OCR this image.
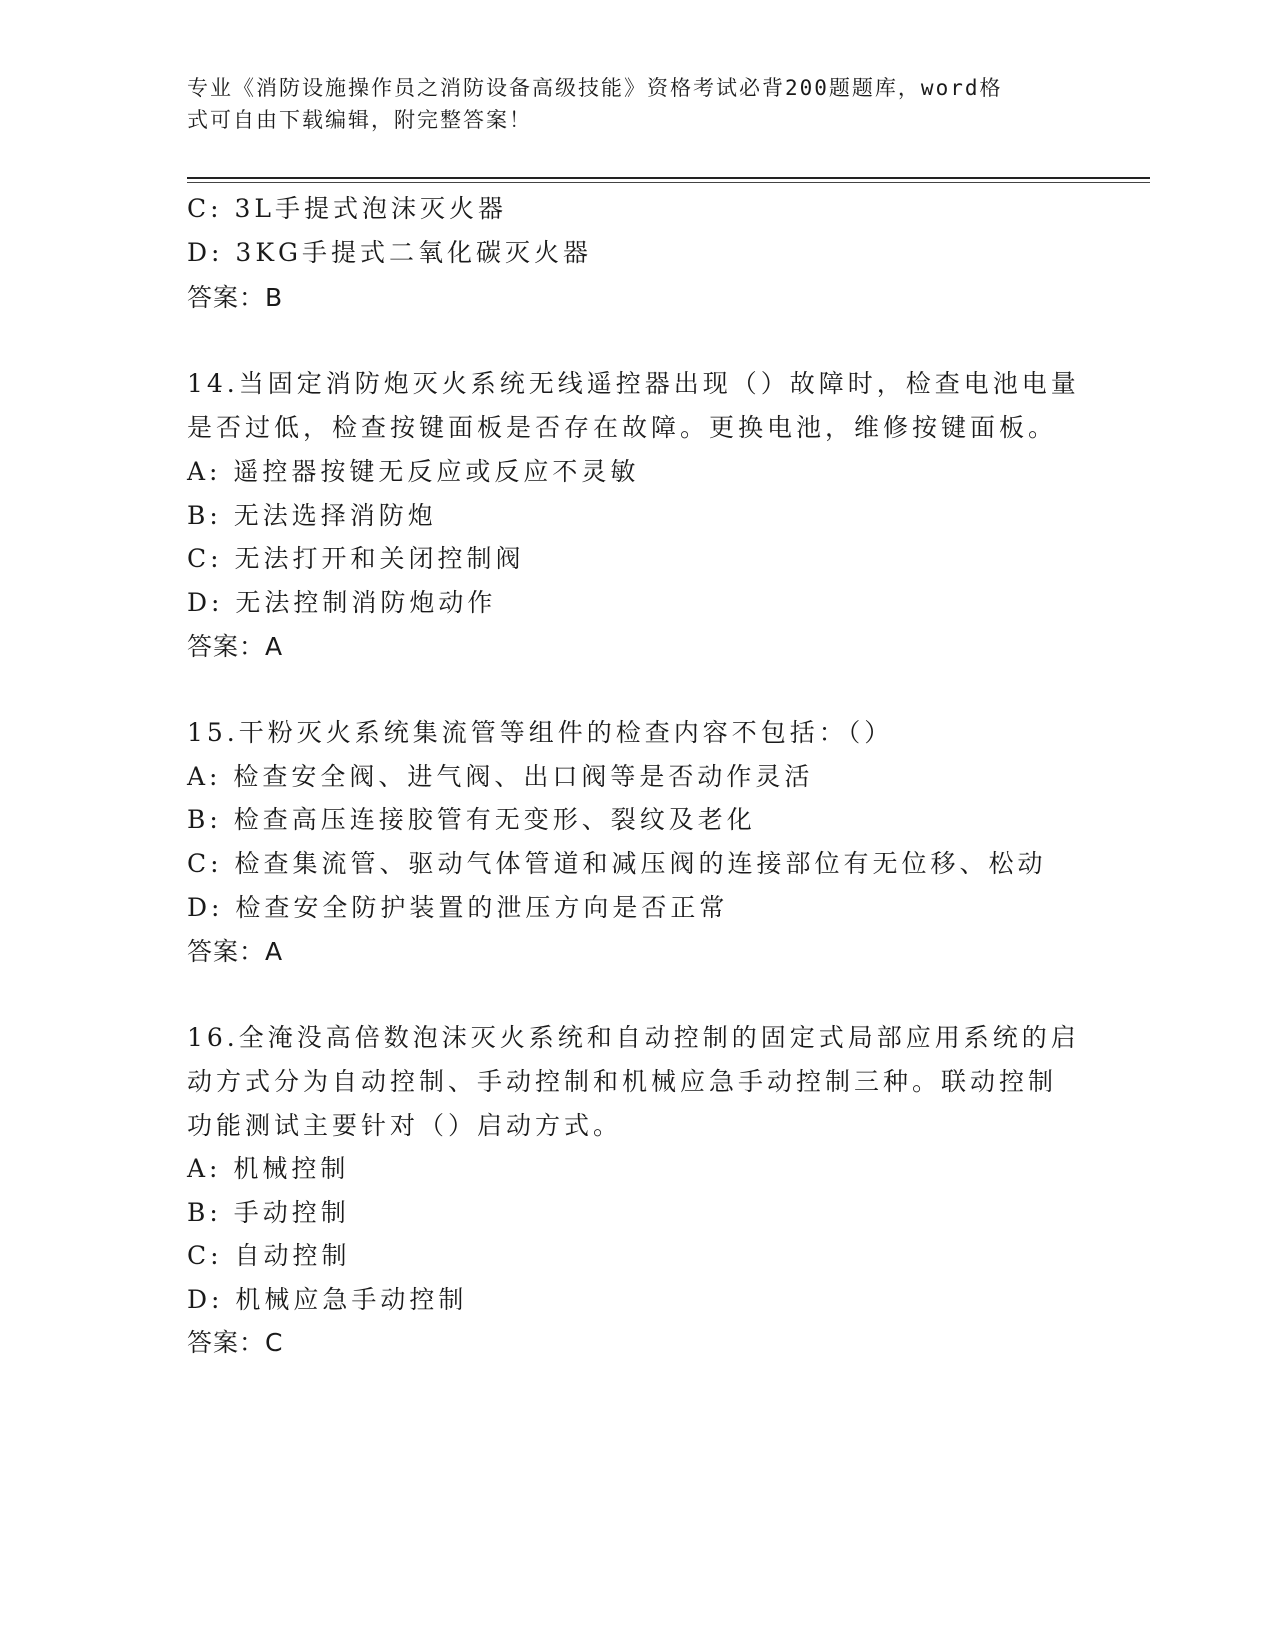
专业《消防设施操作员之消防设备高级技能》资格考试必背200题题库，word格
式可自由下载编辑，附完整答案！
C: 3L手提式泡沫灭火器
D: 3KG手提式二氧化碳灭火器
答案：B
14.当固定消防炮灭火系统无线遥控器出现（）故障时，检查电池电量
是否过低，检查按键面板是否存在故障。更换电池，维修按键面板。
A: 遥控器按键无反应或反应不灵敏
B: 无法选择消防炮
C: 无法打开和关闭控制阀
D: 无法控制消防炮动作
答案：A
15.干粉灭火系统集流管等组件的检查内容不包括：（）
A: 检查安全阀、进气阀、出口阀等是否动作灵活
B: 检查高压连接胶管有无变形、裂纹及老化
C: 检查集流管、驱动气体管道和减压阀的连接部位有无位移、松动
D: 检查安全防护装置的泄压方向是否正常
答案：A
16.全淹没高倍数泡沫灭火系统和自动控制的固定式局部应用系统的启
动方式分为自动控制、手动控制和机械应急手动控制三种。联动控制
功能测试主要针对（）启动方式。
A: 机械控制
B: 手动控制
C: 自动控制
D: 机械应急手动控制
答案：C
